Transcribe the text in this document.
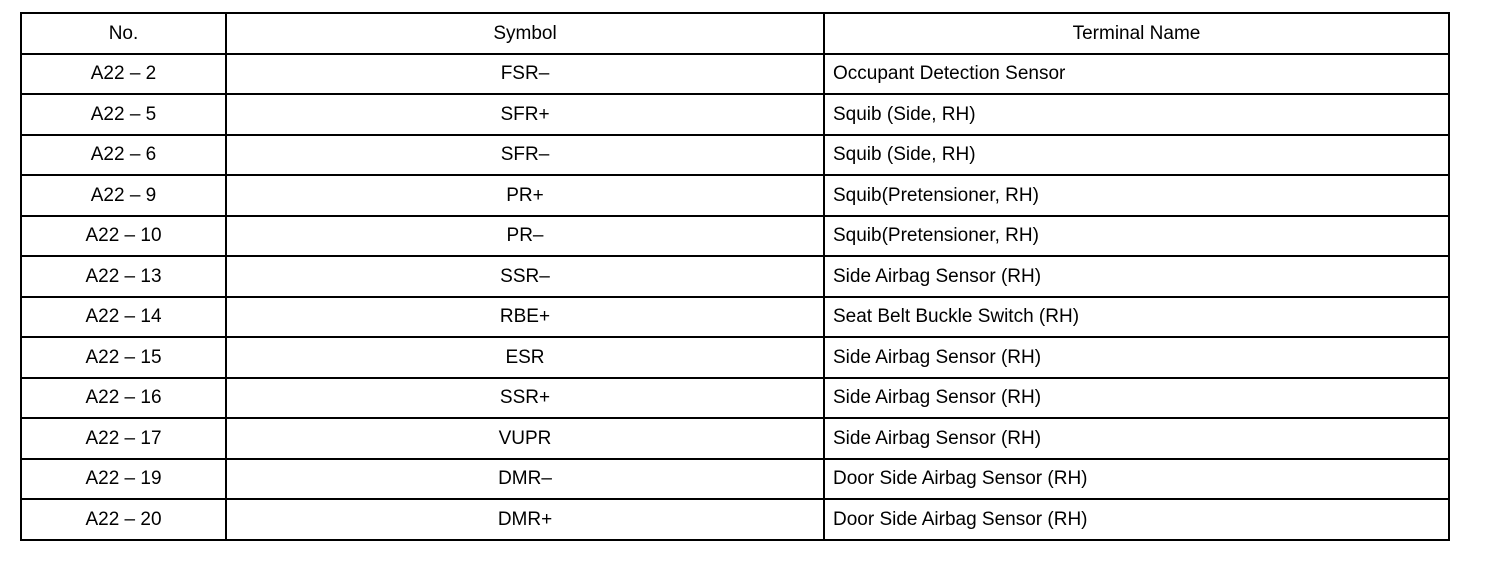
No.	Symbol	Terminal Name
A22 – 2	FSR–	Occupant Detection Sensor
A22 – 5	SFR+	Squib (Side, RH)
A22 – 6	SFR–	Squib (Side, RH)
A22 – 9	PR+	Squib(Pretensioner, RH)
A22 – 10	PR–	Squib(Pretensioner, RH)
A22 – 13	SSR–	Side Airbag Sensor (RH)
A22 – 14	RBE+	Seat Belt Buckle Switch (RH)
A22 – 15	ESR	Side Airbag Sensor (RH)
A22 – 16	SSR+	Side Airbag Sensor (RH)
A22 – 17	VUPR	Side Airbag Sensor (RH)
A22 – 19	DMR–	Door Side Airbag Sensor (RH)
A22 – 20	DMR+	Door Side Airbag Sensor (RH)
